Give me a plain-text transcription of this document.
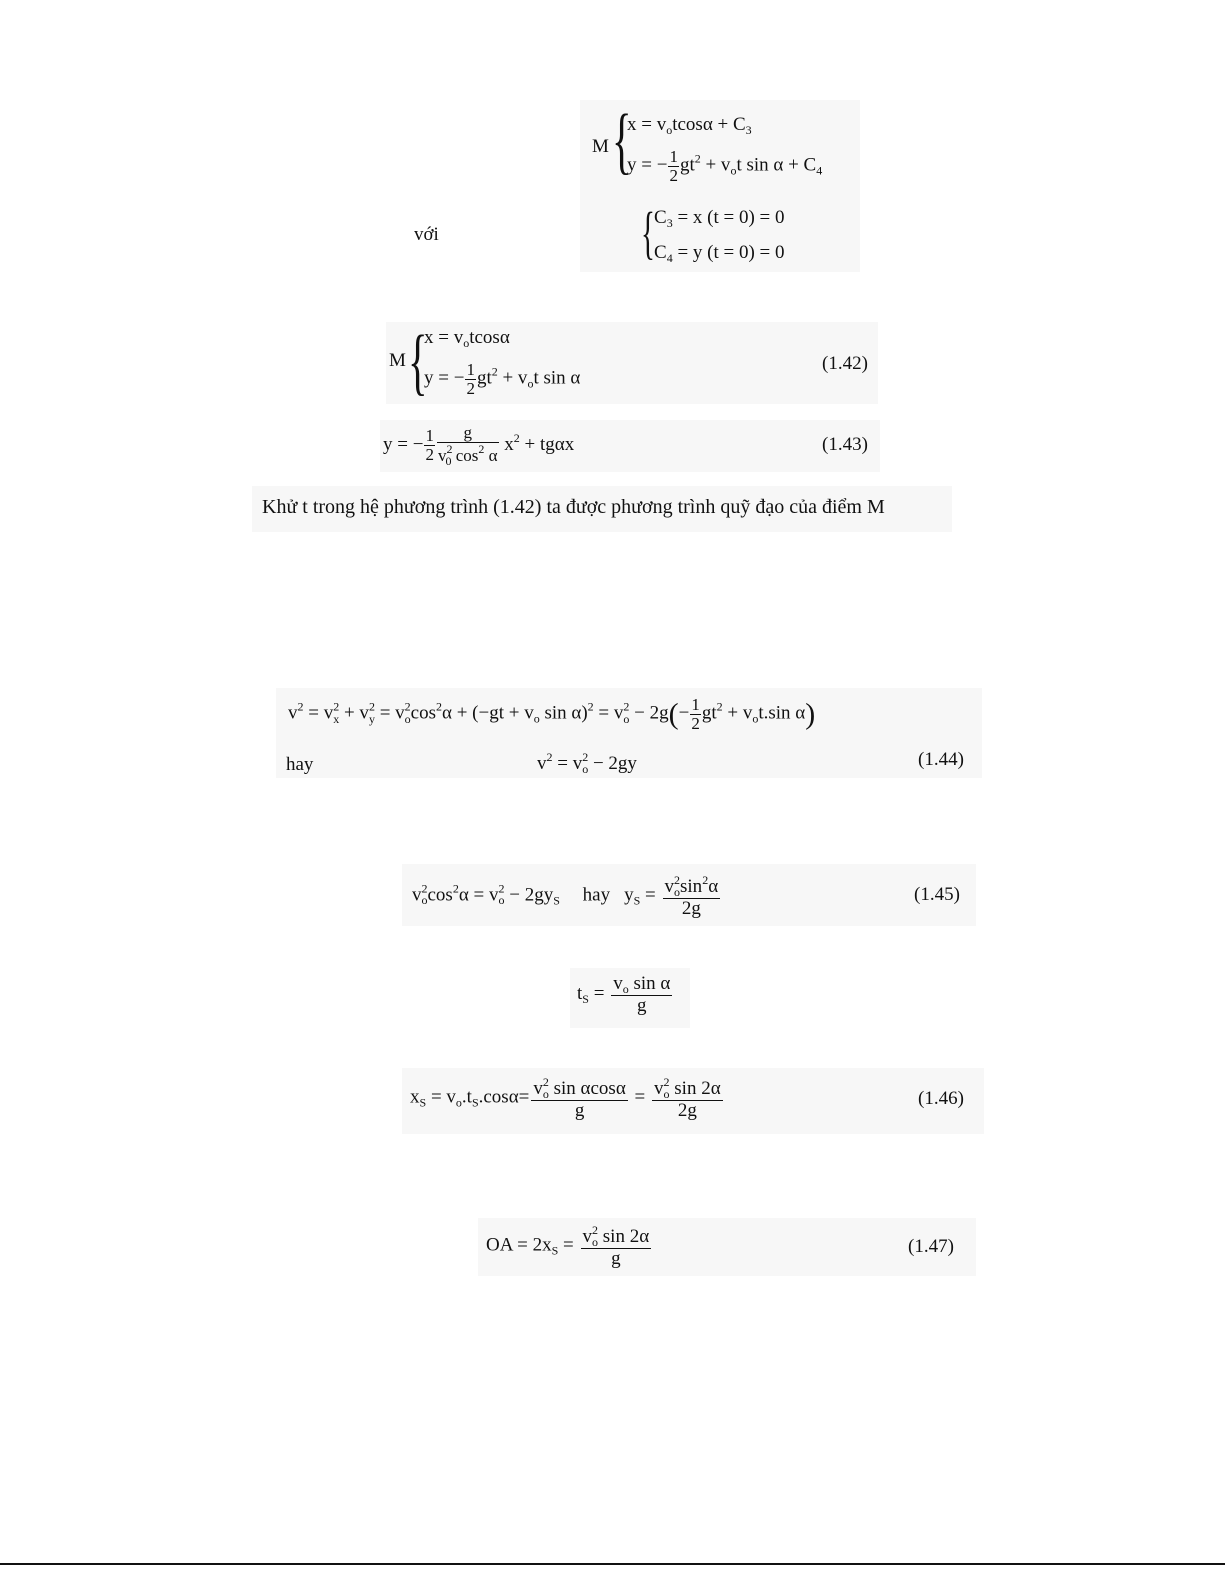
M {
$x = v_otcos\alpha + C_3$
y = − $\frac{1}{2} gt^2 + v_ot$ $\sin \alpha + C_4$
với	{ $C_3 = x$ (t = 0) = 0
$C_4 = y$ (t = 0) = 0
M {
$x = v_otcos\alpha$
y = − $\frac{1}{2} gt^2 + v_ot$ sin α
(1.42)
y = − $\frac{1}{2} \frac{g}{v^2_0 \cos^2 \alpha} x^2 + tg\alpha x$	(1.43)
Khử t trong hệ phương trình (1.42) ta được phương trình quỹ đạo của điểm M
$v^2 = v^2_x + v^2_y = v^2_o\cos^2\alpha + (-gt + v_o$ $\sin \alpha)^2 = v^2_o - 2g(- \frac{1}{2} gt^2 + v_ot.\sin$ α)
hay	$v^2 = v^2_o - 2gy$	(1.44)
$v^2_o\cos^2\alpha = v^2_o - 2gy_S$ hay $y_S = \frac{v^2_o\sin^2\alpha}{2g}$	(1.45)
$t_S = \frac{v_o \sin \alpha}{g}$
$x_S = v_o.t_S.\cos\alpha= \frac{v^2_o \sin \alpha\cos\alpha}{g} = \frac{v^2_o \sin 2\alpha}{2g}$	(1.46)
OA = $2x_S = \frac{v^2_o \sin 2\alpha}{g}$	(1.47)
